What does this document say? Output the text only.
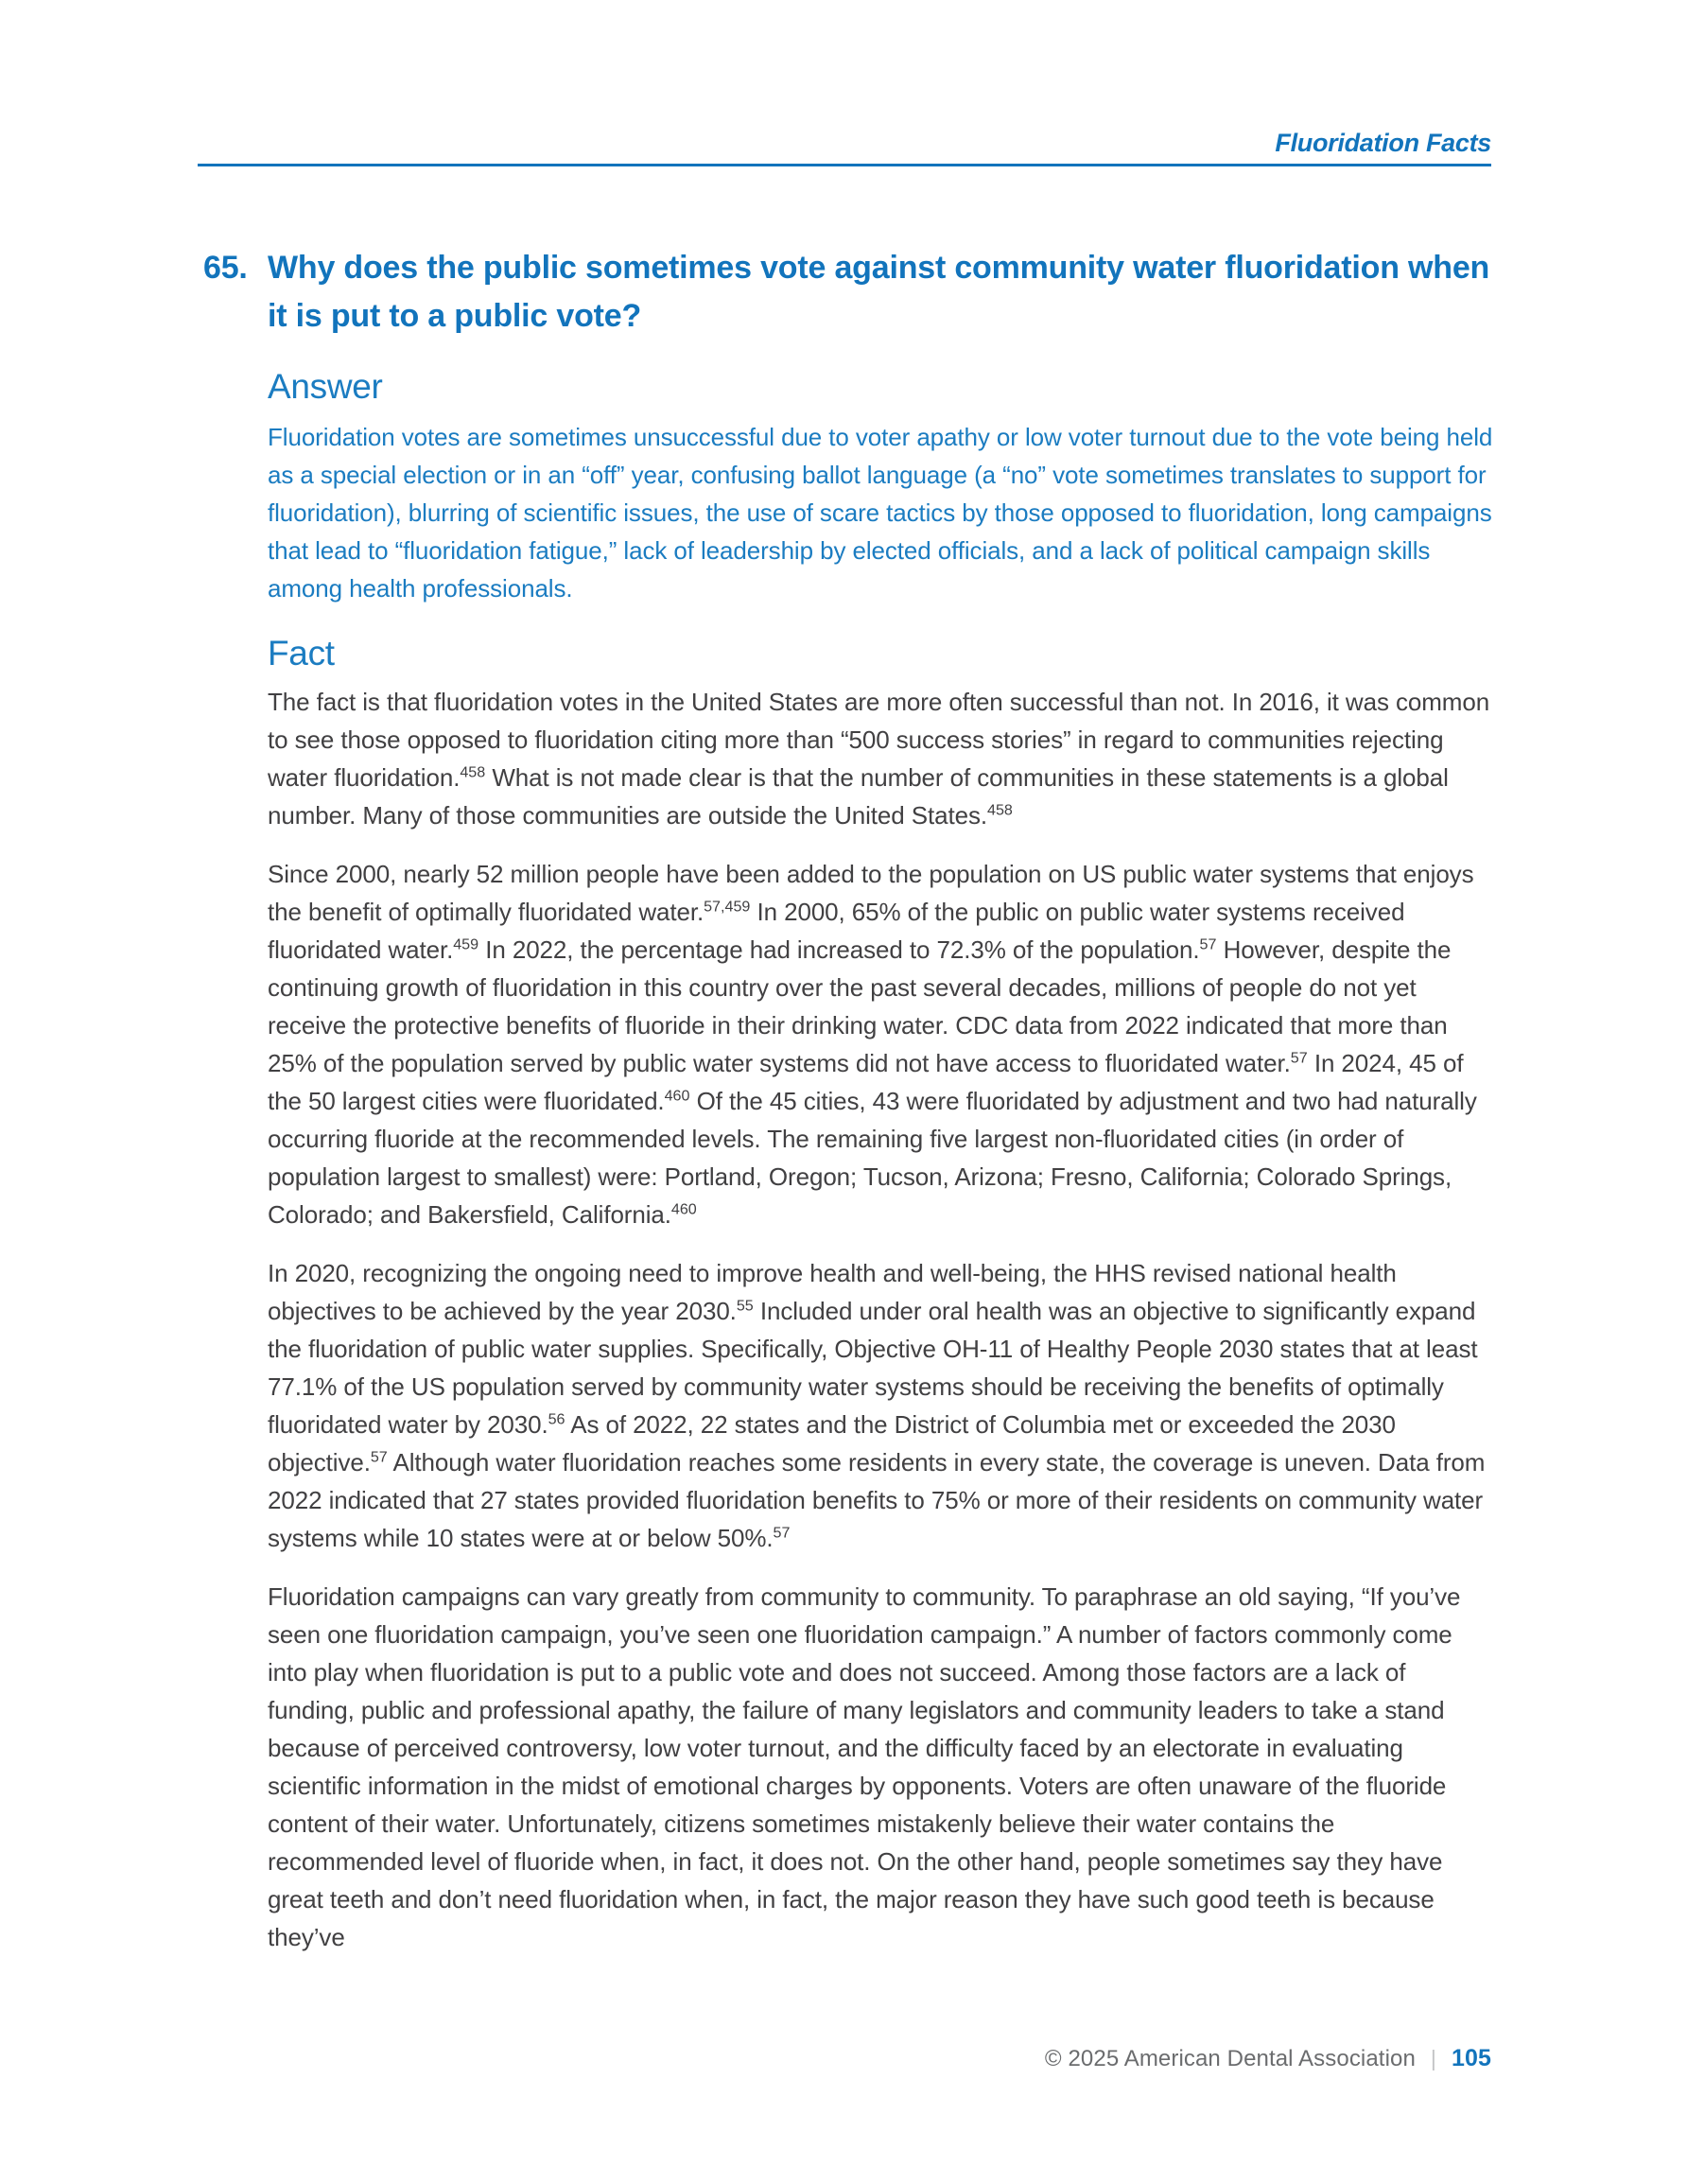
Fluoridation Facts
65. Why does the public sometimes vote against community water fluoridation when it is put to a public vote?
Answer
Fluoridation votes are sometimes unsuccessful due to voter apathy or low voter turnout due to the vote being held as a special election or in an “off” year, confusing ballot language (a “no” vote sometimes translates to support for fluoridation), blurring of scientific issues, the use of scare tactics by those opposed to fluoridation, long campaigns that lead to “fluoridation fatigue,” lack of leadership by elected officials, and a lack of political campaign skills among health professionals.
Fact
The fact is that fluoridation votes in the United States are more often successful than not. In 2016, it was common to see those opposed to fluoridation citing more than “500 success stories” in regard to communities rejecting water fluoridation.$^{458}$ What is not made clear is that the number of communities in these statements is a global number. Many of those communities are outside the United States.$^{458}$
Since 2000, nearly 52 million people have been added to the population on US public water systems that enjoys the benefit of optimally fluoridated water.$^{57,459}$ In 2000, 65% of the public on public water systems received fluoridated water.$^{459}$ In 2022, the percentage had increased to 72.3% of the population.$^{57}$ However, despite the continuing growth of fluoridation in this country over the past several decades, millions of people do not yet receive the protective benefits of fluoride in their drinking water. CDC data from 2022 indicated that more than 25% of the population served by public water systems did not have access to fluoridated water.$^{57}$ In 2024, 45 of the 50 largest cities were fluoridated.$^{460}$ Of the 45 cities, 43 were fluoridated by adjustment and two had naturally occurring fluoride at the recommended levels. The remaining five largest non-fluoridated cities (in order of population largest to smallest) were: Portland, Oregon; Tucson, Arizona; Fresno, California; Colorado Springs, Colorado; and Bakersfield, California.$^{460}$
In 2020, recognizing the ongoing need to improve health and well-being, the HHS revised national health objectives to be achieved by the year 2030.55 Included under oral health was an objective to significantly expand the fluoridation of public water supplies. Specifically, Objective OH-11 of Healthy People 2030 states that at least 77.1% of the US population served by community water systems should be receiving the benefits of optimally fluoridated water by 2030.56 As of 2022, 22 states and the District of Columbia met or exceeded the 2030 objective.$^{57}$ Although water fluoridation reaches some residents in every state, the coverage is uneven. Data from 2022 indicated that 27 states provided fluoridation benefits to 75% or more of their residents on community water systems while 10 states were at or below 50%.$^{57}$
Fluoridation campaigns can vary greatly from community to community. To paraphrase an old saying, “If you’ve seen one fluoridation campaign, you’ve seen one fluoridation campaign.” A number of factors commonly come into play when fluoridation is put to a public vote and does not succeed. Among those factors are a lack of funding, public and professional apathy, the failure of many legislators and community leaders to take a stand because of perceived controversy, low voter turnout, and the difficulty faced by an electorate in evaluating scientific information in the midst of emotional charges by opponents. Voters are often unaware of the fluoride content of their water. Unfortunately, citizens sometimes mistakenly believe their water contains the recommended level of fluoride when, in fact, it does not. On the other hand, people sometimes say they have great teeth and don’t need fluoridation when, in fact, the major reason they have such good teeth is because they’ve
© 2025 American Dental Association | 105
